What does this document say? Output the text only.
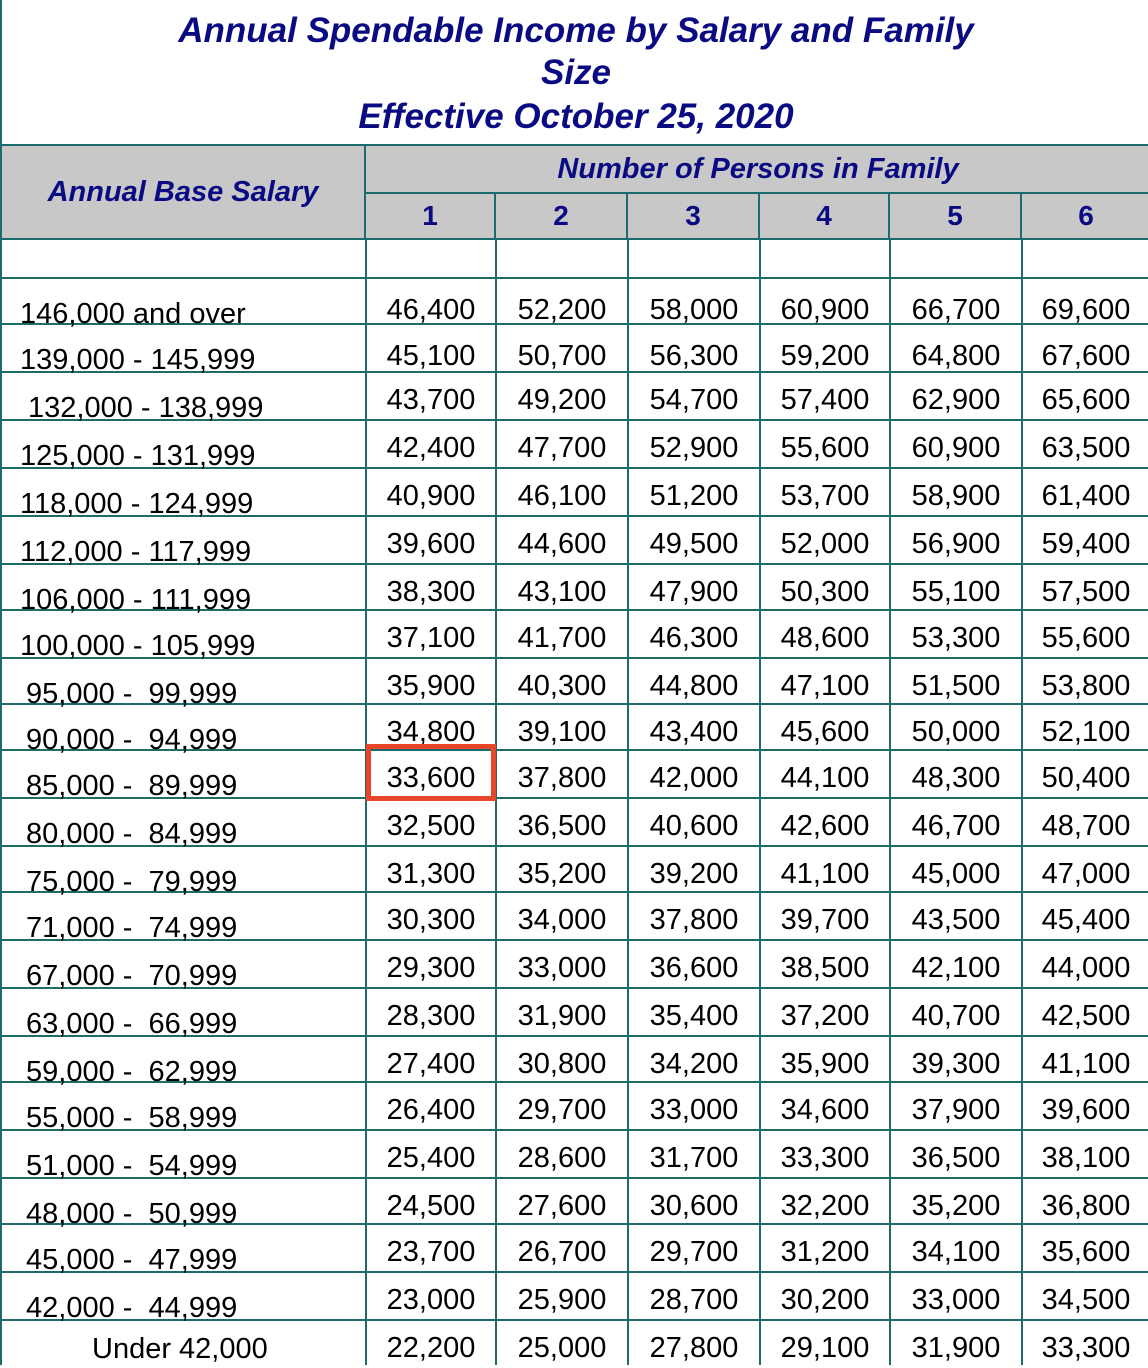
Annual Spendable Income by Salary and Family
Size
Effective October 25, 2020
Annual Base Salary
Number of Persons in Family
1	2	3	4	5	6
146,000 and over	46,400	52,200	58,000	60,900	66,700	69,600
139,000 - 145,999	45,100	50,700	56,300	59,200	64,800	67,600
132,000 - 138,999	43,700	49,200	54,700	57,400	62,900	65,600
125,000 - 131,999	42,400	47,700	52,900	55,600	60,900	63,500
118,000 - 124,999	40,900	46,100	51,200	53,700	58,900	61,400
112,000 - 117,999	39,600	44,600	49,500	52,000	56,900	59,400
106,000 - 111,999	38,300	43,100	47,900	50,300	55,100	57,500
100,000 - 105,999	37,100	41,700	46,300	48,600	53,300	55,600
95,000 -  99,999	35,900	40,300	44,800	47,100	51,500	53,800
90,000 -  94,999	34,800	39,100	43,400	45,600	50,000	52,100
85,000 -  89,999	33,600	37,800	42,000	44,100	48,300	50,400
80,000 -  84,999	32,500	36,500	40,600	42,600	46,700	48,700
75,000 -  79,999	31,300	35,200	39,200	41,100	45,000	47,000
71,000 -  74,999	30,300	34,000	37,800	39,700	43,500	45,400
67,000 -  70,999	29,300	33,000	36,600	38,500	42,100	44,000
63,000 -  66,999	28,300	31,900	35,400	37,200	40,700	42,500
59,000 -  62,999	27,400	30,800	34,200	35,900	39,300	41,100
55,000 -  58,999	26,400	29,700	33,000	34,600	37,900	39,600
51,000 -  54,999	25,400	28,600	31,700	33,300	36,500	38,100
48,000 -  50,999	24,500	27,600	30,600	32,200	35,200	36,800
45,000 -  47,999	23,700	26,700	29,700	31,200	34,100	35,600
42,000 -  44,999	23,000	25,900	28,700	30,200	33,000	34,500
Under 42,000	22,200	25,000	27,800	29,100	31,900	33,300
